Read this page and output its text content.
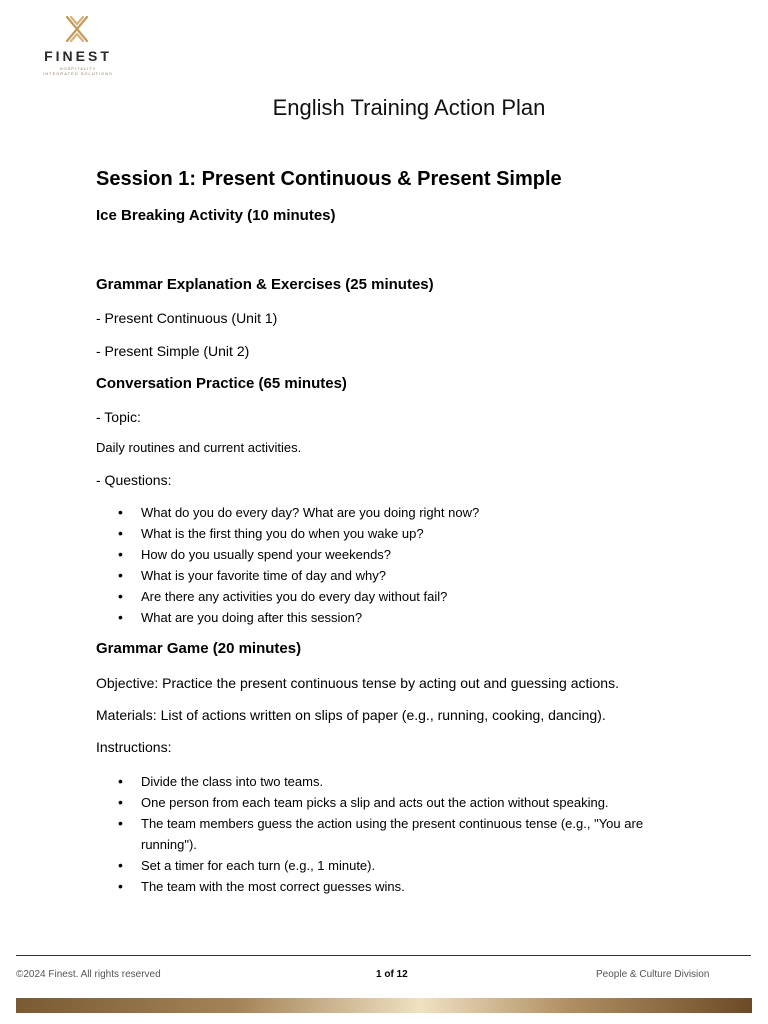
FINEST
HOSPITALITY INTEGRATED SOLUTIONS
English Training Action Plan
Session 1: Present Continuous & Present Simple
Ice Breaking Activity (10 minutes)
Grammar Explanation & Exercises (25 minutes)
- Present Continuous (Unit 1)
- Present Simple (Unit 2)
Conversation Practice (65 minutes)
- Topic:
Daily routines and current activities.
- Questions:
• What do you do every day? What are you doing right now?
• What is the first thing you do when you wake up?
• How do you usually spend your weekends?
• What is your favorite time of day and why?
• Are there any activities you do every day without fail?
• What are you doing after this session?
Grammar Game (20 minutes)
Objective: Practice the present continuous tense by acting out and guessing actions.
Materials: List of actions written on slips of paper (e.g., running, cooking, dancing).
Instructions:
• Divide the class into two teams.
• One person from each team picks a slip and acts out the action without speaking.
• The team members guess the action using the present continuous tense (e.g., "You are running").
• Set a timer for each turn (e.g., 1 minute).
• The team with the most correct guesses wins.
©2024 Finest. All rights reserved	1 of 12	People & Culture Division
